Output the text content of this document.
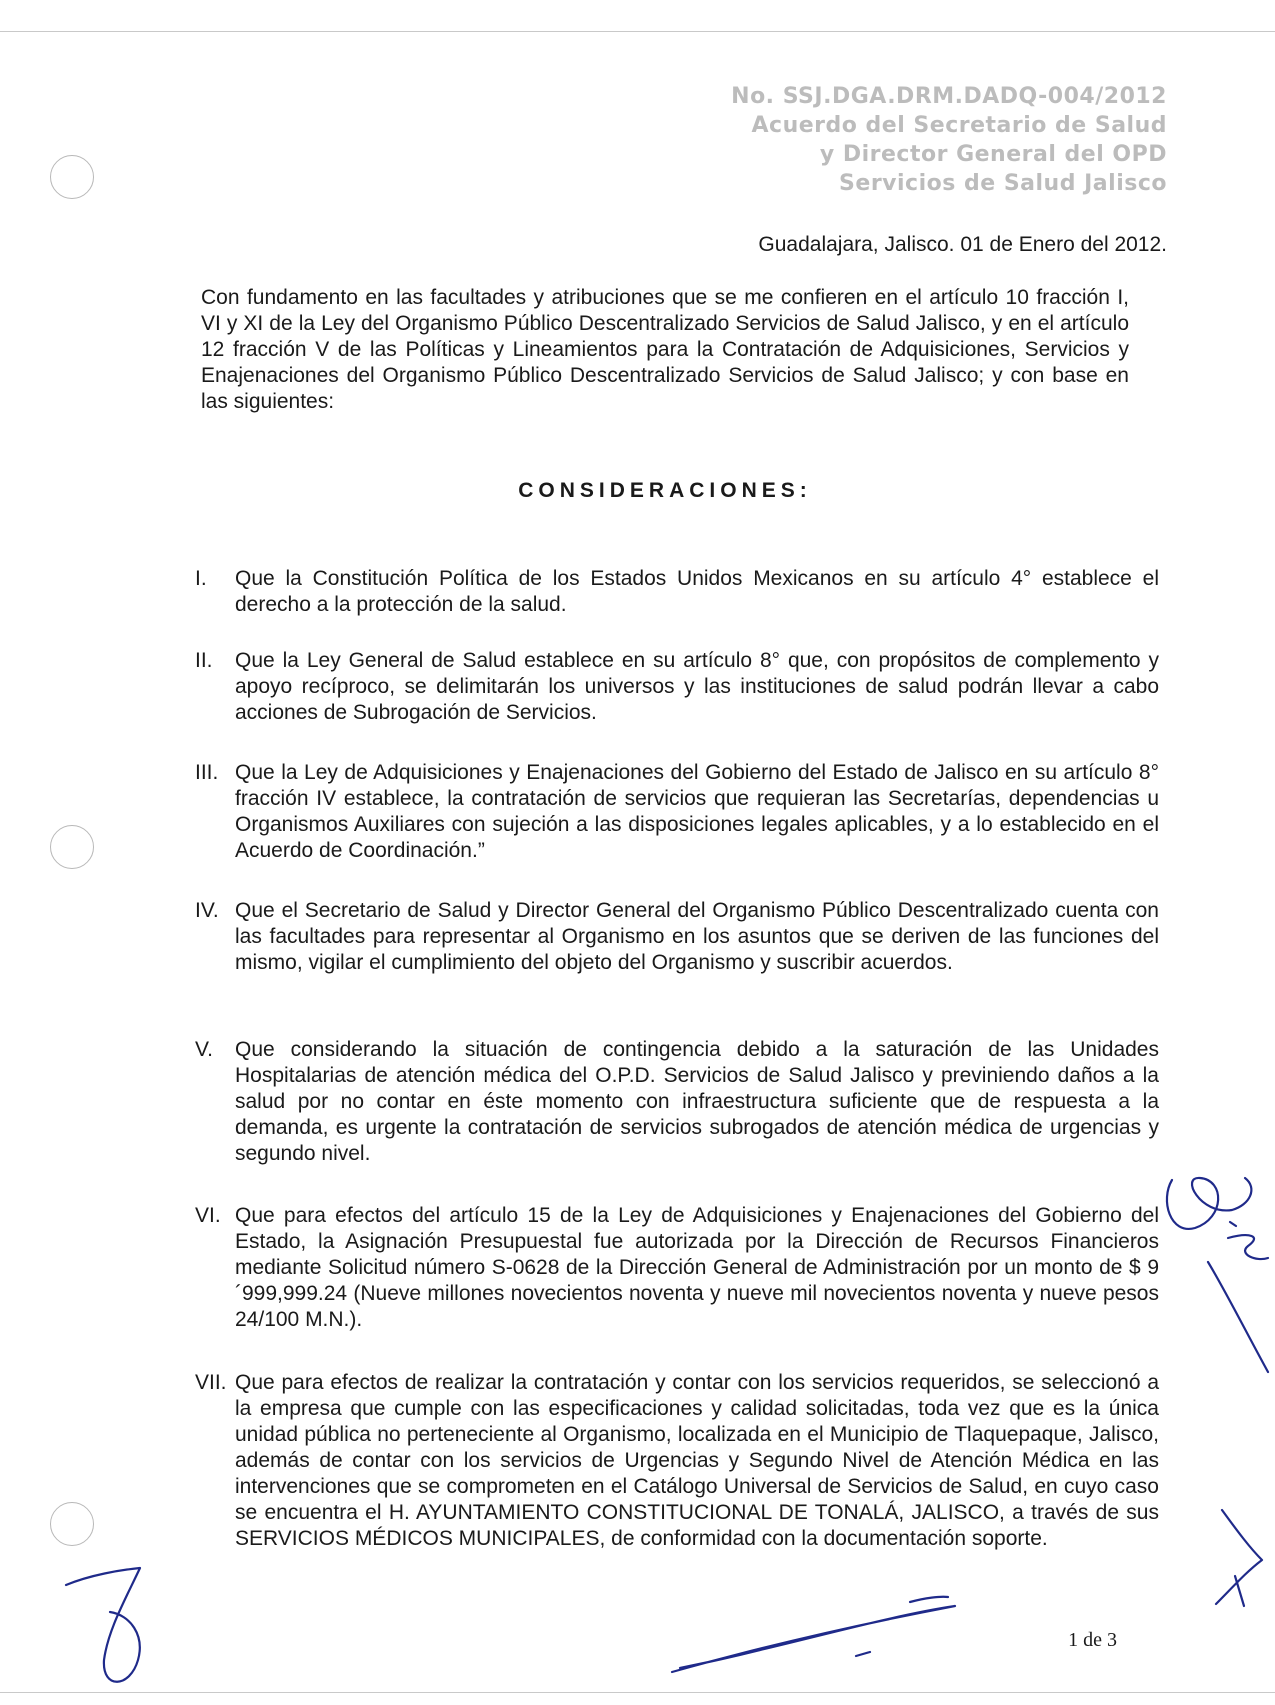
No. SSJ.DGA.DRM.DADQ-004/2012
Acuerdo del Secretario de Salud
y Director General del OPD
Servicios de Salud Jalisco
Guadalajara, Jalisco. 01 de Enero del 2012.
Con fundamento en las facultades y atribuciones que se me confieren en el artículo 10 fracción I, VI y XI de la Ley del Organismo Público Descentralizado Servicios de Salud Jalisco, y en el artículo 12 fracción V de las Políticas y Lineamientos para la Contratación de Adquisiciones, Servicios y Enajenaciones del Organismo Público Descentralizado Servicios de Salud Jalisco; y con base en las siguientes:
CONSIDERACIONES:
I. Que la Constitución Política de los Estados Unidos Mexicanos en su artículo 4° establece el derecho a la protección de la salud.
II. Que la Ley General de Salud establece en su artículo 8° que, con propósitos de complemento y apoyo recíproco, se delimitarán los universos y las instituciones de salud podrán llevar a cabo acciones de Subrogación de Servicios.
III. Que la Ley de Adquisiciones y Enajenaciones del Gobierno del Estado de Jalisco en su artículo 8° fracción IV establece, la contratación de servicios que requieran las Secretarías, dependencias u Organismos Auxiliares con sujeción a las disposiciones legales aplicables, y a lo establecido en el Acuerdo de Coordinación.”
IV. Que el Secretario de Salud y Director General del Organismo Público Descentralizado cuenta con las facultades para representar al Organismo en los asuntos que se deriven de las funciones del mismo, vigilar el cumplimiento del objeto del Organismo y suscribir acuerdos.
V. Que considerando la situación de contingencia debido a la saturación de las Unidades Hospitalarias de atención médica del O.P.D. Servicios de Salud Jalisco y previniendo daños a la salud por no contar en éste momento con infraestructura suficiente que de respuesta a la demanda, es urgente la contratación de servicios subrogados de atención médica de urgencias y segundo nivel.
VI. Que para efectos del artículo 15 de la Ley de Adquisiciones y Enajenaciones del Gobierno del Estado, la Asignación Presupuestal fue autorizada por la Dirección de Recursos Financieros mediante Solicitud número S-0628 de la Dirección General de Administración por un monto de $ 9´999,999.24 (Nueve millones novecientos noventa y nueve mil novecientos noventa y nueve pesos 24/100 M.N.).
VII. Que para efectos de realizar la contratación y contar con los servicios requeridos, se seleccionó a la empresa que cumple con las especificaciones y calidad solicitadas, toda vez que es la única unidad pública no perteneciente al Organismo, localizada en el Municipio de Tlaquepaque, Jalisco, además de contar con los servicios de Urgencias y Segundo Nivel de Atención Médica en las intervenciones que se comprometen en el Catálogo Universal de Servicios de Salud, en cuyo caso se encuentra el H. AYUNTAMIENTO CONSTITUCIONAL DE TONALÁ, JALISCO, a través de sus SERVICIOS MÉDICOS MUNICIPALES, de conformidad con la documentación soporte.
1 de 3
